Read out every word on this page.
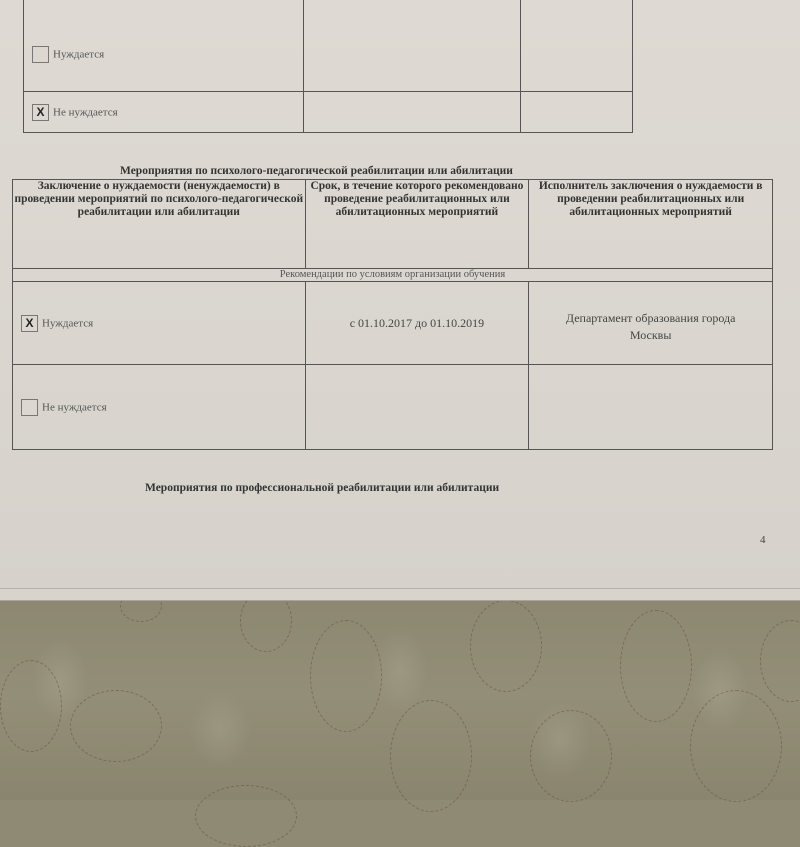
Нуждается		
X Не нуждается		
Мероприятия по психолого-педагогической реабилитации или абилитации
Заключение о нуждаемости (ненуждаемости) в проведении мероприятий по психолого-педагогической реабилитации или абилитации	Срок, в течение которого рекомендовано проведение реабилитационных или абилитационных мероприятий	Исполнитель заключения о нуждаемости в проведении реабилитационных или абилитационных мероприятий
Рекомендации по условиям организации обучения		
X Нуждается	с 01.10.2017 до 01.10.2019	Департамент образования города Москвы
Не нуждается		
Мероприятия по профессиональной реабилитации или абилитации
4
